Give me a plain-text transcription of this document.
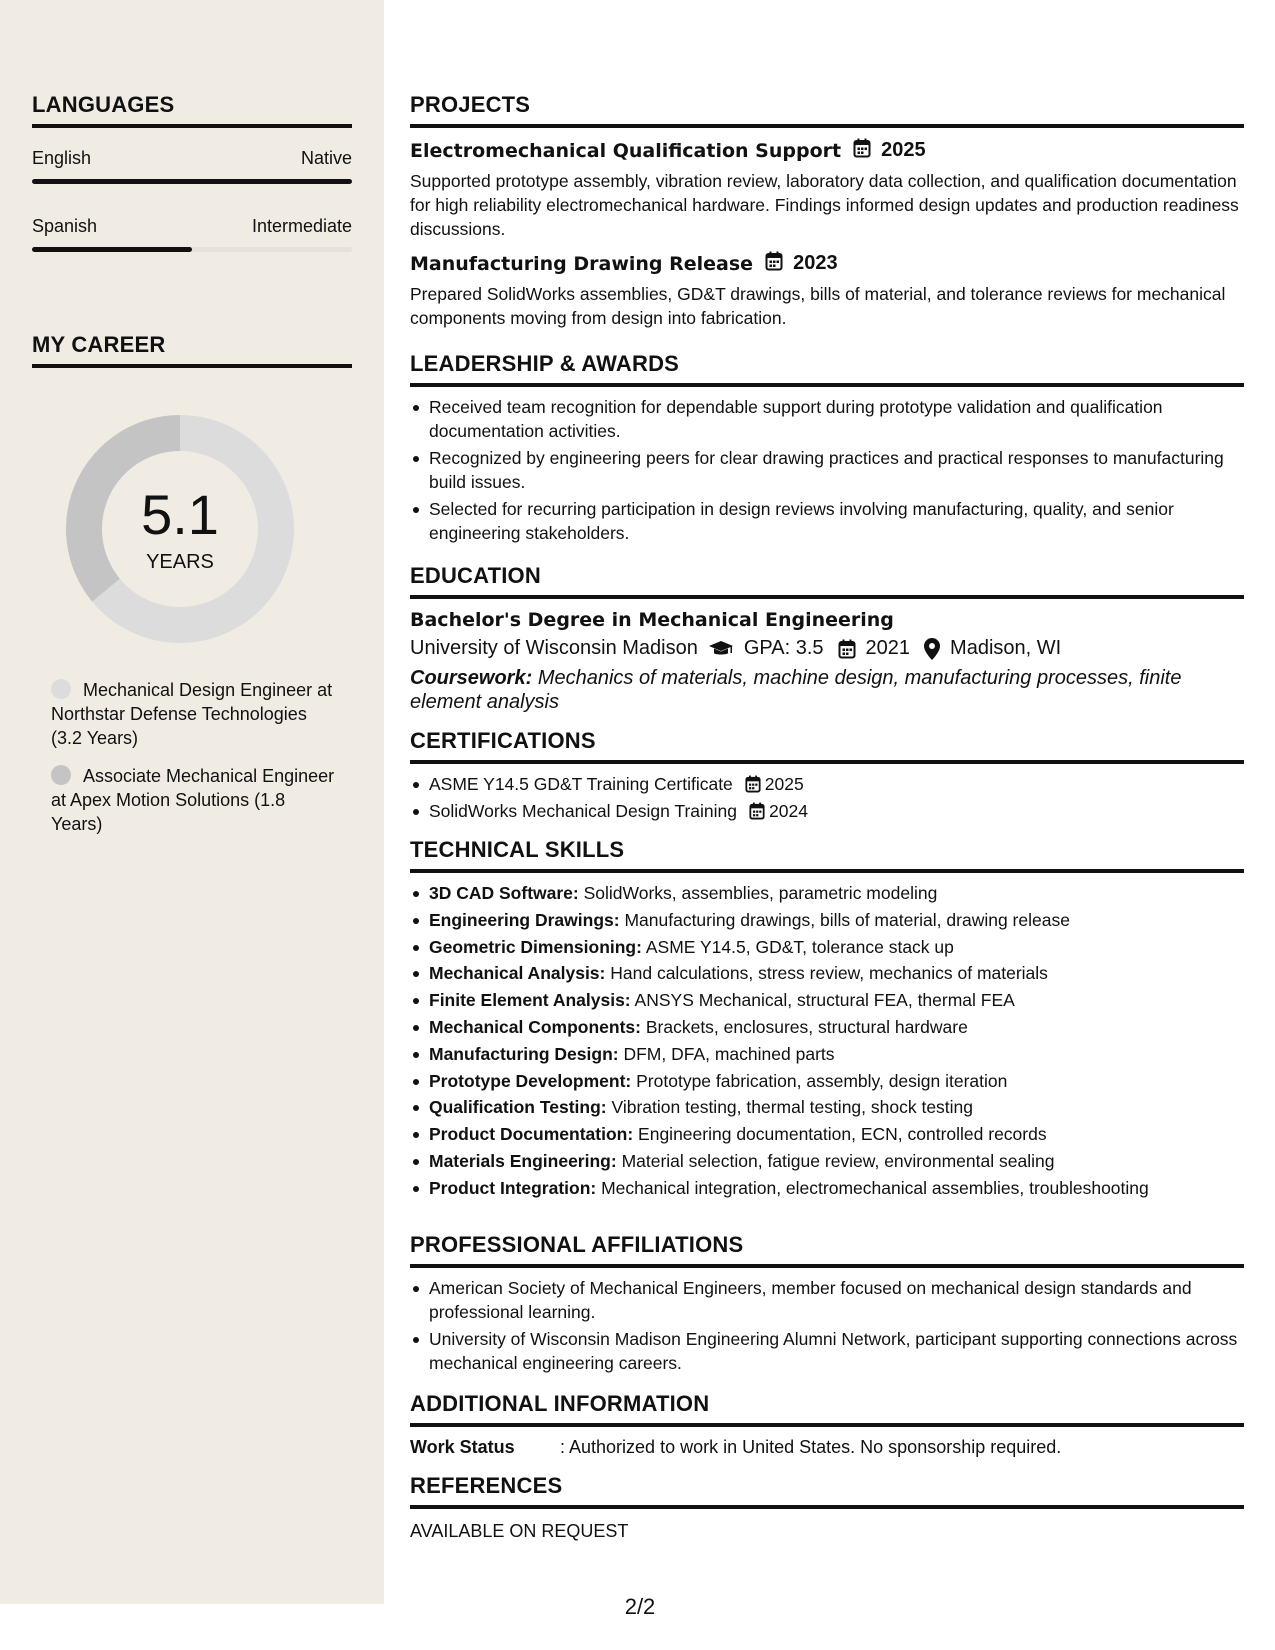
LANGUAGES
English	Native
Spanish	Intermediate
MY CAREER
5.1
YEARS
Mechanical Design Engineer at Northstar Defense Technologies (3.2 Years)
Associate Mechanical Engineer at Apex Motion Solutions (1.8 Years)
PROJECTS
Electromechanical Qualification Support 2025
Supported prototype assembly, vibration review, laboratory data collection, and qualification documentation for high reliability electromechanical hardware. Findings informed design updates and production readiness discussions.
Manufacturing Drawing Release 2023
Prepared SolidWorks assemblies, GD&T drawings, bills of material, and tolerance reviews for mechanical components moving from design into fabrication.
LEADERSHIP & AWARDS
Received team recognition for dependable support during prototype validation and qualification documentation activities.
Recognized by engineering peers for clear drawing practices and practical responses to manufacturing build issues.
Selected for recurring participation in design reviews involving manufacturing, quality, and senior engineering stakeholders.
EDUCATION
Bachelor's Degree in Mechanical Engineering
University of Wisconsin Madison GPA: 3.5 2021 Madison, WI
Coursework: Mechanics of materials, machine design, manufacturing processes, finite element analysis
CERTIFICATIONS
ASME Y14.5 GD&T Training Certificate 2025
SolidWorks Mechanical Design Training 2024
TECHNICAL SKILLS
3D CAD Software: SolidWorks, assemblies, parametric modeling
Engineering Drawings: Manufacturing drawings, bills of material, drawing release
Geometric Dimensioning: ASME Y14.5, GD&T, tolerance stack up
Mechanical Analysis: Hand calculations, stress review, mechanics of materials
Finite Element Analysis: ANSYS Mechanical, structural FEA, thermal FEA
Mechanical Components: Brackets, enclosures, structural hardware
Manufacturing Design: DFM, DFA, machined parts
Prototype Development: Prototype fabrication, assembly, design iteration
Qualification Testing: Vibration testing, thermal testing, shock testing
Product Documentation: Engineering documentation, ECN, controlled records
Materials Engineering: Material selection, fatigue review, environmental sealing
Product Integration: Mechanical integration, electromechanical assemblies, troubleshooting
PROFESSIONAL AFFILIATIONS
American Society of Mechanical Engineers, member focused on mechanical design standards and professional learning.
University of Wisconsin Madison Engineering Alumni Network, participant supporting connections across mechanical engineering careers.
ADDITIONAL INFORMATION
Work Status	: Authorized to work in United States. No sponsorship required.
REFERENCES
AVAILABLE ON REQUEST
2/2
